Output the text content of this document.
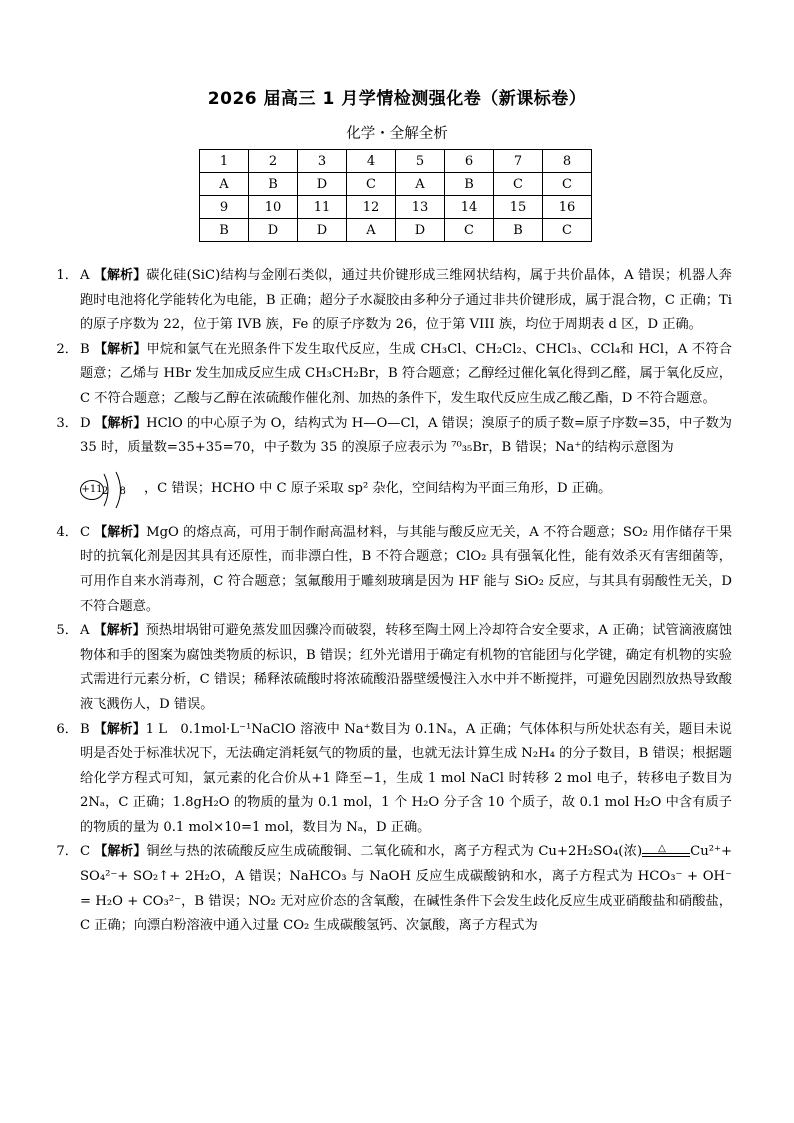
2026 届高三 1 月学情检测强化卷（新课标卷）
化学・全解全析
1	2	3	4	5	6	7	8
A	B	D	C	A	B	C	C
9	10	11	12	13	14	15	16
B	D	D	A	D	C	B	C
1． A 【解析】碳化硅(SiC)结构与金刚石类似，通过共价键形成三维网状结构，属于共价晶体，A 错误；机器人奔跑时电池将化学能转化为电能，B 正确；超分子水凝胶由多种分子通过非共价键形成，属于混合物，C 正确；Ti 的原子序数为 22，位于第 IVB 族，Fe 的原子序数为 26，位于第 VIII 族，均位于周期表 d 区，D 正确。
2． B 【解析】甲烷和氯气在光照条件下发生取代反应，生成 CH₃Cl、CH₂Cl₂、CHCl₃、CCl₄和 HCl，A 不符合题意；乙烯与 HBr 发生加成反应生成 CH₃CH₂Br，B 符合题意；乙醇经过催化氧化得到乙醛，属于氧化反应，C 不符合题意；乙酸与乙醇在浓硫酸作催化剂、加热的条件下，发生取代反应生成乙酸乙酯，D 不符合题意。
3． D 【解析】HClO 的中心原子为 O，结构式为 H—O—Cl，A 错误；溴原子的质子数=原子序数=35，中子数为 35 时，质量数=35+35=70，中子数为 35 的溴原子应表示为 ⁷⁰₃₅Br，B 错误；Na⁺的结构示意图为
+11 2 8 ，C 错误；HCHO 中 C 原子采取 sp² 杂化，空间结构为平面三角形，D 正确。
4． C 【解析】MgO 的熔点高，可用于制作耐高温材料，与其能与酸反应无关，A 不符合题意；SO₂ 用作储存干果时的抗氧化剂是因其具有还原性，而非漂白性，B 不符合题意；ClO₂ 具有强氧化性，能有效杀灭有害细菌等，可用作自来水消毒剂，C 符合题意；氢氟酸用于雕刻玻璃是因为 HF 能与 SiO₂ 反应，与其具有弱酸性无关，D 不符合题意。
5． A 【解析】预热坩埚钳可避免蒸发皿因骤冷而破裂，转移至陶土网上冷却符合安全要求，A 正确；试管滴液腐蚀物体和手的图案为腐蚀类物质的标识，B 错误；红外光谱用于确定有机物的官能团与化学键，确定有机物的实验式需进行元素分析，C 错误；稀释浓硫酸时将浓硫酸沿器壁缓慢注入水中并不断搅拌，可避免因剧烈放热导致酸液飞溅伤人，D 错误。
6． B 【解析】1 L　0.1mol·L⁻¹NaClO 溶液中 Na⁺数目为 0.1Nₐ，A 正确；气体体积与所处状态有关，题目未说明是否处于标准状况下，无法确定消耗氨气的物质的量，也就无法计算生成 N₂H₄ 的分子数目，B 错误；根据题给化学方程式可知，氯元素的化合价从+1 降至−1，生成 1 mol NaCl 时转移 2 mol 电子，转移电子数目为 2Nₐ，C 正确；1.8gH₂O 的物质的量为 0.1 mol，1 个 H₂O 分子含 10 个质子，故 0.1 mol H₂O 中含有质子的物质的量为 0.1 mol×10=1 mol，数目为 Nₐ，D 正确。
7． C 【解析】铜丝与热的浓硫酸反应生成硫酸铜、二氧化硫和水，离子方程式为 Cu+2H₂SO₄(浓) △ Cu²⁺+ SO₄²⁻+ SO₂↑+ 2H₂O，A 错误；NaHCO₃ 与 NaOH 反应生成碳酸钠和水，离子方程式为 HCO₃⁻ + OH⁻ = H₂O + CO₃²⁻，B 错误；NO₂ 无对应价态的含氧酸，在碱性条件下会发生歧化反应生成亚硝酸盐和硝酸盐，C 正确；向漂白粉溶液中通入过量 CO₂ 生成碳酸氢钙、次氯酸，离子方程式为
